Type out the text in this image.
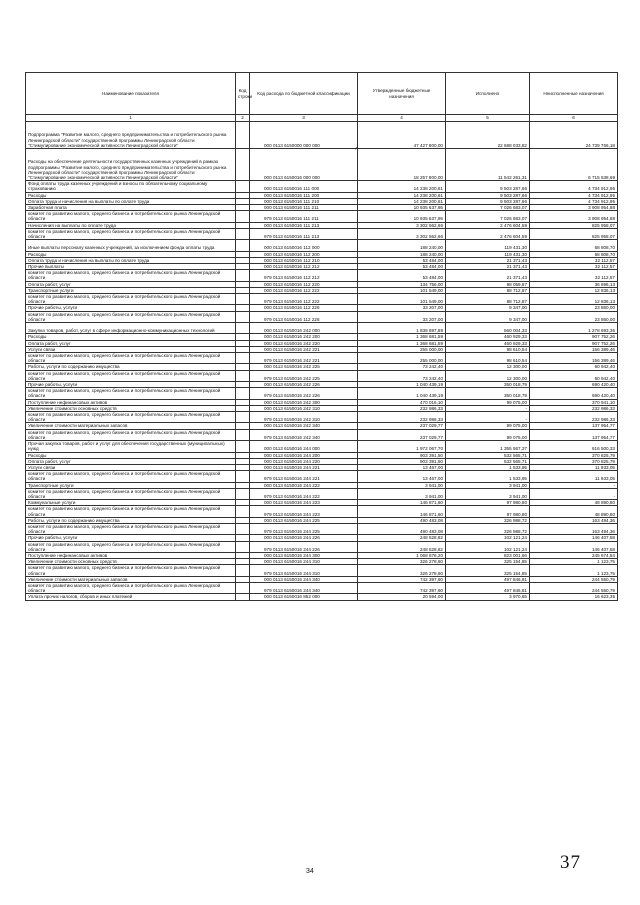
Наименование показателя	Код строки	Код расхода по бюджетной классификации	Утвержденные бюджетные назначения	Исполнено	Неисполненные назначения
1	2	3	4	5	6
Подпрограмма "Развитие малого, среднего предпринимательства и потребительского рынка Ленинградской области" государственной программы Ленинградской области "Стимулирование экономической активности Ленинградской области"		000 0113 6150000 000 000	47 427 800,00	22 688 033,82	24 739 766,18
Расходы на обеспечение деятельности государственных казенных учреждений в рамках подпрограммы "Развитие малого, среднего предпринимательства и потребительского рынка Ленинградской области" государственной программы Ленинградской области "Стимулирование экономической активности Ленинградской области"		000 0113 6150016 000 000	18 257 800,00	11 542 261,31	6 715 538,69
Фонд оплаты труда казенных учреждений и взносы по обязательному социальному страхованию		000 0113 6150016 111 000	14 238 200,61	9 503 287,66	4 734 912,95
Расходы		000 0113 6150016 111 200	14 238 200,61	9 503 287,66	4 734 912,95
Оплата труда и начисления на выплаты по оплате труда		000 0113 6150016 111 210	14 238 200,61	9 503 287,66	4 734 912,95
Заработная плата		000 0113 6150016 111 211	10 935 637,95	7 026 683,07	3 908 954,88
комитет по развитию малого, среднего бизнеса и потребительского рынка Ленинградской области		979 0113 6150016 111 211	10 935 637,95	7 026 683,07	3 908 954,88
Начисления на выплаты по оплате труда		000 0113 6150016 111 213	3 302 562,66	2 476 604,59	825 958,07
комитет по развитию малого, среднего бизнеса и потребительского рынка Ленинградской области		979 0113 6150016 111 213	3 302 562,66	2 476 604,59	825 958,07
Иные выплаты персоналу казенных учреждений, за исключением фонда оплаты труда		000 0113 6150016 112 000	188 240,00	119 431,30	68 808,70
Расходы		000 0113 6150016 112 200	188 240,00	119 431,30	68 808,70
Оплата труда и начисления на выплаты по оплате труда		000 0113 6150016 112 210	53 484,00	21 371,43	32 112,57
Прочие выплаты		000 0113 6150016 112 212	53 484,00	21 371,43	32 112,57
комитет по развитию малого, среднего бизнеса и потребительского рынка Ленинградской области		979 0113 6150016 112 212	53 484,00	21 371,43	32 112,57
Оплата работ, услуг		000 0113 6150016 112 220	134 756,00	98 059,87	36 696,13
Транспортные услуги		000 0113 6150016 112 222	101 549,00	88 712,87	12 836,13
комитет по развитию малого, среднего бизнеса и потребительского рынка Ленинградской области		979 0113 6150016 112 222	101 549,00	88 712,87	12 836,13
Прочие работы, услуги		000 0113 6150016 112 226	33 207,00	9 347,00	23 860,00
комитет по развитию малого, среднего бизнеса и потребительского рынка Ленинградской области		979 0113 6150016 112 226	33 207,00	9 347,00	23 860,00
Закупка товаров, работ, услуг в сфере информационно-коммуникационных технологий		000 0113 6150016 242 000	1 838 697,89	560 004,33	1 278 693,36
Расходы		000 0113 6150016 242 200	1 368 681,59	460 929,33	907 752,26
Оплата работ, услуг		000 0113 6150016 242 220	1 368 681,59	460 929,33	907 752,26
Услуги связи		000 0113 6150016 242 221	255 000,00	98 610,54	156 389,46
комитет по развитию малого, среднего бизнеса и потребительского рынка Ленинградской области		979 0113 6150016 242 221	255 000,00	98 610,54	156 389,46
Работы, услуги по содержанию имущества		000 0113 6150016 242 225	73 242,40	12 300,00	60 942,40
комитет по развитию малого, среднего бизнеса и потребительского рынка Ленинградской области		979 0113 6150016 242 225	73 242,40	12 300,00	60 942,40
Прочие работы, услуги		000 0113 6150016 242 226	1 040 439,19	350 018,79	690 420,40
комитет по развитию малого, среднего бизнеса и потребительского рынка Ленинградской области		979 0113 6150016 242 226	1 040 439,19	350 018,79	690 420,40
Поступление нефинансовых активов		000 0113 6150016 242 300	470 016,10	99 075,00	370 941,10
Увеличение стоимости основных средств		000 0113 6150016 242 310	232 986,33	-	232 986,33
комитет по развитию малого, среднего бизнеса и потребительского рынка Ленинградской области		979 0113 6150016 242 310	232 986,33	-	232 986,33
Увеличение стоимости материальных запасов		000 0113 6150016 242 340	237 029,77	99 075,00	137 954,77
комитет по развитию малого, среднего бизнеса и потребительского рынка Ленинградской области		979 0113 6150016 242 340	237 029,77	99 075,00	137 954,77
Прочая закупка товаров, работ и услуг для обеспечения государственных (муниципальных) нужд		000 0113 6150016 244 000	1 972 067,70	1 355 567,37	616 500,33
Расходы		000 0113 6150016 244 200	903 391,50	532 565,71	370 825,79
Оплата работ, услуг		000 0113 6150016 244 220	903 391,50	532 565,71	370 825,79
Услуги связи		000 0113 6150016 244 221	13 467,00	1 533,95	11 933,05
комитет по развитию малого, среднего бизнеса и потребительского рынка Ленинградской области		979 0113 6150016 244 221	13 467,00	1 533,95	11 933,05
Транспортные услуги		000 0113 6150016 244 222	3 941,00	3 941,00	-
комитет по развитию малого, среднего бизнеса и потребительского рынка Ленинградской области		979 0113 6150016 244 222	3 941,00	3 941,00	-
Коммунальные услуги		000 0113 6150016 244 223	146 871,60	97 980,80	48 890,80
комитет по развитию малого, среднего бизнеса и потребительского рынка Ленинградской области		979 0113 6150016 244 223	146 871,60	97 980,80	48 890,80
Работы, услуги по содержанию имущества		000 0113 6150016 244 225	490 483,08	326 988,72	163 494,36
комитет по развитию малого, среднего бизнеса и потребительского рынка Ленинградской области		979 0113 6150016 244 225	490 483,08	326 988,72	163 494,36
Прочие работы, услуги		000 0113 6150016 244 226	248 528,82	102 121,24	146 407,58
комитет по развитию малого, среднего бизнеса и потребительского рынка Ленинградской области		979 0113 6150016 244 226	248 528,82	102 121,24	146 407,58
Поступление нефинансовых активов		000 0113 6150016 244 300	1 068 676,20	823 001,66	245 674,54
Увеличение стоимости основных средств		000 0113 6150016 244 310	326 278,60	325 154,85	1 123,75
комитет по развитию малого, среднего бизнеса и потребительского рынка Ленинградской области		979 0113 6150016 244 310	326 278,60	325 154,85	1 123,75
Увеличение стоимости материальных запасов		000 0113 6150016 244 340	742 397,60	497 846,81	244 550,79
комитет по развитию малого, среднего бизнеса и потребительского рынка Ленинградской области		979 0113 6150016 244 340	742 397,60	497 846,81	244 550,79
Уплата прочих налогов, сборов и иных платежей		000 0113 6150016 852 000	20 594,00	3 970,65	16 623,35
✓
34	37
